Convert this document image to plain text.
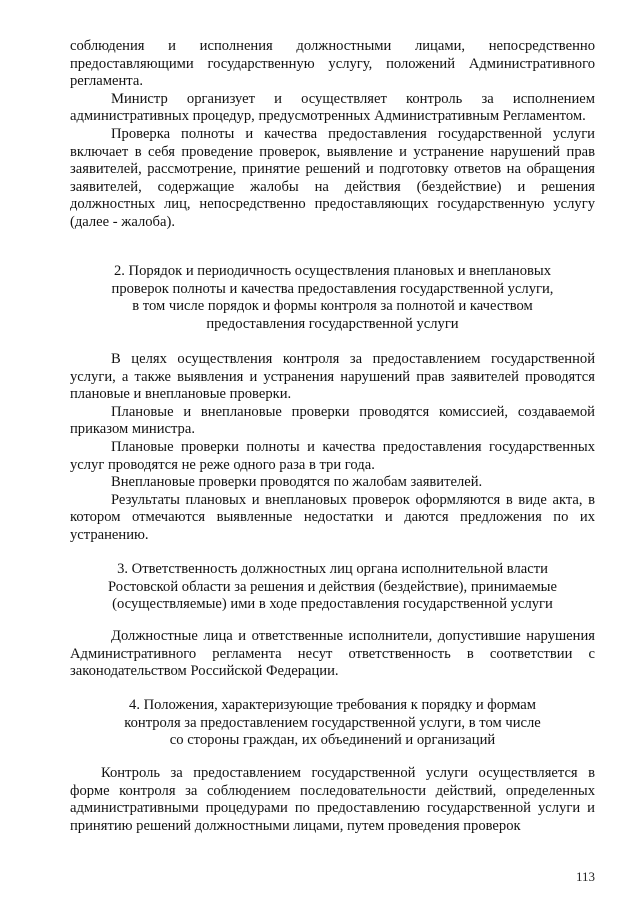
соблюдения и исполнения должностными лицами, непосредственно предоставляющими государственную услугу, положений Административного регламента.

Министр организует и осуществляет контроль за исполнением административных процедур, предусмотренных Административным Регламентом.

Проверка полноты и качества предоставления государственной услуги включает в себя проведение проверок, выявление и устранение нарушений прав заявителей, рассмотрение, принятие решений и подготовку ответов на обращения заявителей, содержащие жалобы на действия (бездействие) и решения должностных лиц, непосредственно предоставляющих государственную услугу (далее - жалоба).

2. Порядок и периодичность осуществления плановых и внеплановых
проверок полноты и качества предоставления государственной услуги,
в том числе порядок и формы контроля за полнотой и качеством
предоставления государственной услуги

В целях осуществления контроля за предоставлением государственной услуги, а также выявления и устранения нарушений прав заявителей проводятся плановые и внеплановые проверки.

Плановые и внеплановые проверки проводятся комиссией, создаваемой приказом министра.

Плановые проверки полноты и качества предоставления государственных услуг проводятся не реже одного раза в три года.

Внеплановые проверки проводятся по жалобам заявителей.

Результаты плановых и внеплановых проверок оформляются в виде акта, в котором отмечаются выявленные недостатки и даются предложения по их устранению.

3. Ответственность должностных лиц органа исполнительной власти
Ростовской области за решения и действия (бездействие), принимаемые
(осуществляемые) ими в ходе предоставления государственной услуги

Должностные лица и ответственные исполнители, допустившие нарушения Административного регламента несут ответственность в соответствии с законодательством Российской Федерации.

4. Положения, характеризующие требования к порядку и формам
контроля за предоставлением государственной услуги, в том числе
со стороны граждан, их объединений и организаций

Контроль за предоставлением государственной услуги осуществляется в форме контроля за соблюдением последовательности действий, определенных административными процедурами по предоставлению государственной услуги и принятию решений должностными лицами, путем проведения проверок

113
